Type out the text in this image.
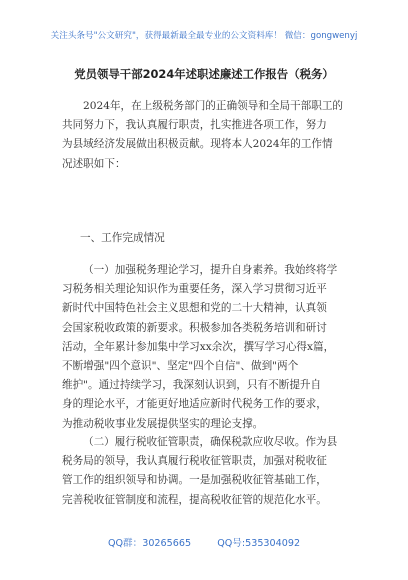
关注头条号"公文研究"，获得最新最全最专业的公文资料库！ 微信：gongwenyj
党员领导干部2024年述职述廉述工作报告（税务）
2024年，在上级税务部门的正确领导和全局干部职工的
共同努力下，我认真履行职责，扎实推进各项工作，努力
为县域经济发展做出积极贡献。现将本人2024年的工作情
况述职如下：
一、工作完成情况
（一）加强税务理论学习，提升自身素养。我始终将学
习税务相关理论知识作为重要任务，深入学习贯彻习近平
新时代中国特色社会主义思想和党的二十大精神，认真领
会国家税收政策的新要求。积极参加各类税务培训和研讨
活动，全年累计参加集中学习xx余次，撰写学习心得x篇，
不断增强"四个意识"、坚定"四个自信"、做到"两个
维护"。通过持续学习，我深刻认识到，只有不断提升自
身的理论水平，才能更好地适应新时代税务工作的要求，
为推动税收事业发展提供坚实的理论支撑。
（二）履行税收征管职责，确保税款应收尽收。作为县
税务局的领导，我认真履行税收征管职责，加强对税收征
管工作的组织领导和协调。一是加强税收征管基础工作，
完善税收征管制度和流程，提高税收征管的规范化水平。
QQ群：30265665	QQ号:535304092
